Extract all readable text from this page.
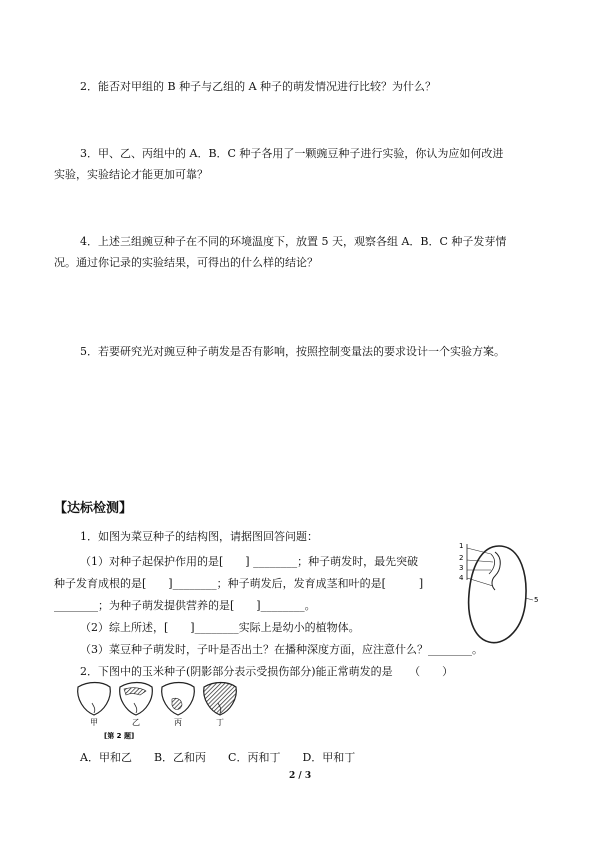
2．能否对甲组的 B 种子与乙组的 A 种子的萌发情况进行比较？为什么？
3．甲、乙、丙组中的 A．B．C 种子各用了一颗豌豆种子进行实验，你认为应如何改进
实验，实验结论才能更加可靠？
4．上述三组豌豆种子在不同的环境温度下，放置 5 天，观察各组 A．B．C 种子发芽情
况。通过你记录的实验结果，可得出的什么样的结论？
5．若要研究光对豌豆种子萌发是否有影响，按照控制变量法的要求设计一个实验方案。
【达标检测】
1．如图为菜豆种子的结构图，请据图回答问题：
（1）对种子起保护作用的是[　　] ________；种子萌发时，最先突破
种子发育成根的是[　　]________；种子萌发后，发育成茎和叶的是[　　　]
________；为种子萌发提供营养的是[　　]________。
（2）综上所述，[　　]________实际上是幼小的植物体。
（3）菜豆种子萌发时，子叶是否出土？在播种深度方面，应注意什么？________。
2．下图中的玉米种子(阴影部分表示受损伤部分)能正常萌发的是　　（　　）
1
2
3
4
5
甲	乙	丙	丁
[第 2 题]
A．甲和乙　　B．乙和丙　　C．丙和丁　　D．甲和丁
2 / 3
